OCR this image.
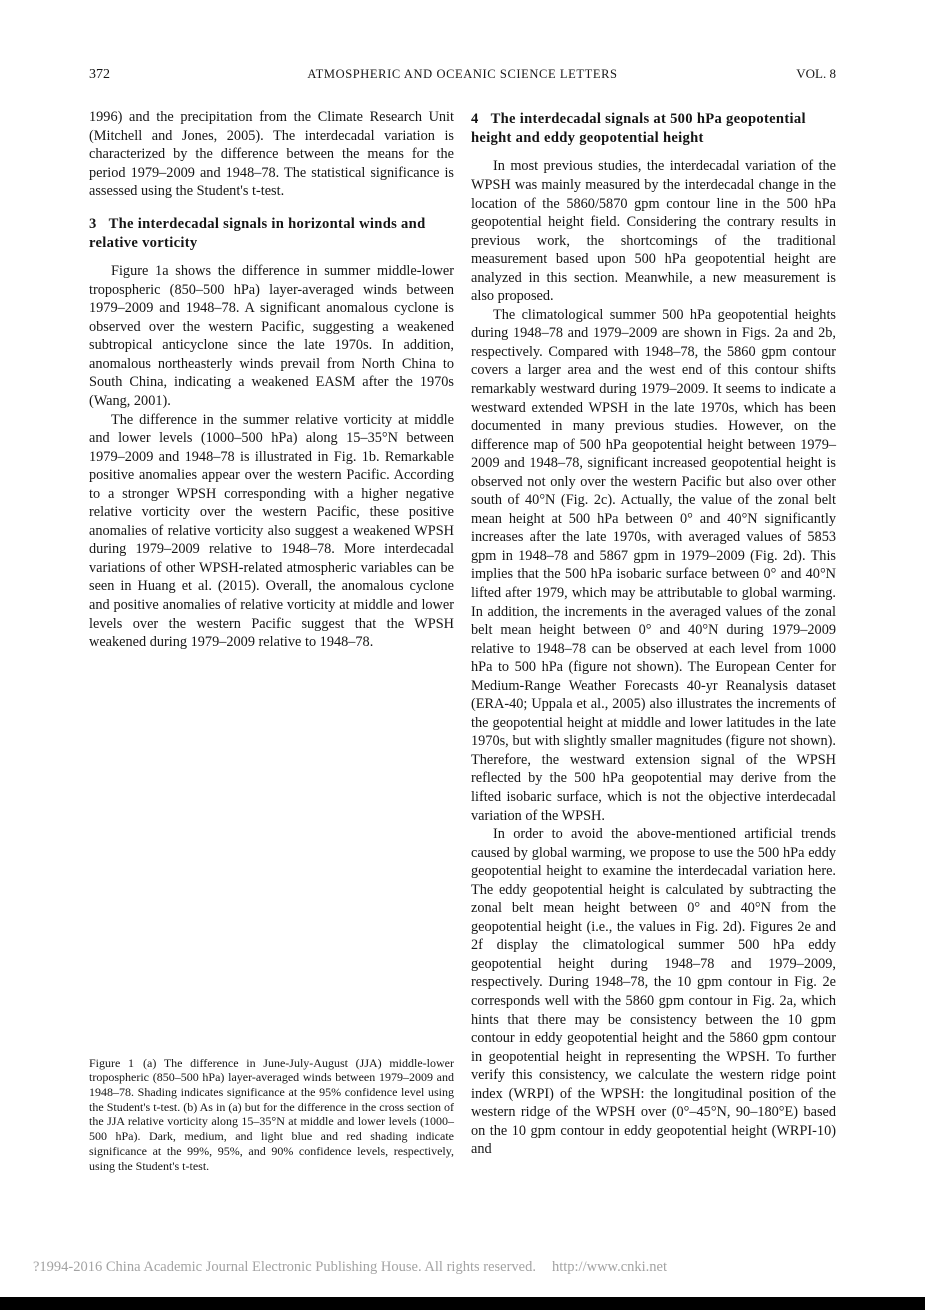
372	ATMOSPHERIC AND OCEANIC SCIENCE LETTERS	VOL. 8

1996) and the precipitation from the Climate Research Unit (Mitchell and Jones, 2005). The interdecadal variation is characterized by the difference between the means for the period 1979–2009 and 1948–78. The statistical significance is assessed using the Student's t-test.

3 The interdecadal signals in horizontal winds and relative vorticity

Figure 1a shows the difference in summer middle-lower tropospheric (850–500 hPa) layer-averaged winds between 1979–2009 and 1948–78. A significant anomalous cyclone is observed over the western Pacific, suggesting a weakened subtropical anticyclone since the late 1970s. In addition, anomalous northeasterly winds prevail from North China to South China, indicating a weakened EASM after the 1970s (Wang, 2001).

The difference in the summer relative vorticity at middle and lower levels (1000–500 hPa) along 15–35°N between 1979–2009 and 1948–78 is illustrated in Fig. 1b. Remarkable positive anomalies appear over the western Pacific. According to a stronger WPSH corresponding with a higher negative relative vorticity over the western Pacific, these positive anomalies of relative vorticity also suggest a weakened WPSH during 1979–2009 relative to 1948–78. More interdecadal variations of other WPSH-related atmospheric variables can be seen in Huang et al. (2015). Overall, the anomalous cyclone and positive anomalies of relative vorticity at middle and lower levels over the western Pacific suggest that the WPSH weakened during 1979–2009 relative to 1948–78.

Figure 1 (a) The difference in June-July-August (JJA) middle-lower tropospheric (850–500 hPa) layer-averaged winds between 1979–2009 and 1948–78. Shading indicates significance at the 95% confidence level using the Student's t-test. (b) As in (a) but for the difference in the cross section of the JJA relative vorticity along 15–35°N at middle and lower levels (1000–500 hPa). Dark, medium, and light blue and red shading indicate significance at the 99%, 95%, and 90% confidence levels, respectively, using the Student's t-test.
4 The interdecadal signals at 500 hPa geopotential height and eddy geopotential height

In most previous studies, the interdecadal variation of the WPSH was mainly measured by the interdecadal change in the location of the 5860/5870 gpm contour line in the 500 hPa geopotential height field. Considering the contrary results in previous work, the shortcomings of the traditional measurement based upon 500 hPa geopotential height are analyzed in this section. Meanwhile, a new measurement is also proposed.

The climatological summer 500 hPa geopotential heights during 1948–78 and 1979–2009 are shown in Figs. 2a and 2b, respectively. Compared with 1948–78, the 5860 gpm contour covers a larger area and the west end of this contour shifts remarkably westward during 1979–2009. It seems to indicate a westward extended WPSH in the late 1970s, which has been documented in many previous studies. However, on the difference map of 500 hPa geopotential height between 1979–2009 and 1948–78, significant increased geopotential height is observed not only over the western Pacific but also over other south of 40°N (Fig. 2c). Actually, the value of the zonal belt mean height at 500 hPa between 0° and 40°N significantly increases after the late 1970s, with averaged values of 5853 gpm in 1948–78 and 5867 gpm in 1979–2009 (Fig. 2d). This implies that the 500 hPa isobaric surface between 0° and 40°N lifted after 1979, which may be attributable to global warming. In addition, the increments in the averaged values of the zonal belt mean height between 0° and 40°N during 1979–2009 relative to 1948–78 can be observed at each level from 1000 hPa to 500 hPa (figure not shown). The European Center for Medium-Range Weather Forecasts 40-yr Reanalysis dataset (ERA-40; Uppala et al., 2005) also illustrates the increments of the geopotential height at middle and lower latitudes in the late 1970s, but with slightly smaller magnitudes (figure not shown). Therefore, the westward extension signal of the WPSH reflected by the 500 hPa geopotential may derive from the lifted isobaric surface, which is not the objective interdecadal variation of the WPSH.

In order to avoid the above-mentioned artificial trends caused by global warming, we propose to use the 500 hPa eddy geopotential height to examine the interdecadal variation here. The eddy geopotential height is calculated by subtracting the zonal belt mean height between 0° and 40°N from the geopotential height (i.e., the values in Fig. 2d). Figures 2e and 2f display the climatological summer 500 hPa eddy geopotential height during 1948–78 and 1979–2009, respectively. During 1948–78, the 10 gpm contour in Fig. 2e corresponds well with the 5860 gpm contour in Fig. 2a, which hints that there may be consistency between the 10 gpm contour in eddy geopotential height and the 5860 gpm contour in geopotential height in representing the WPSH. To further verify this consistency, we calculate the western ridge point index (WRPI) of the WPSH: the longitudinal position of the western ridge of the WPSH over (0°–45°N, 90–180°E) based on the 10 gpm contour in eddy geopotential height (WRPI-10) and

?1994-2016 China Academic Journal Electronic Publishing House. All rights reserved. http://www.cnki.net
